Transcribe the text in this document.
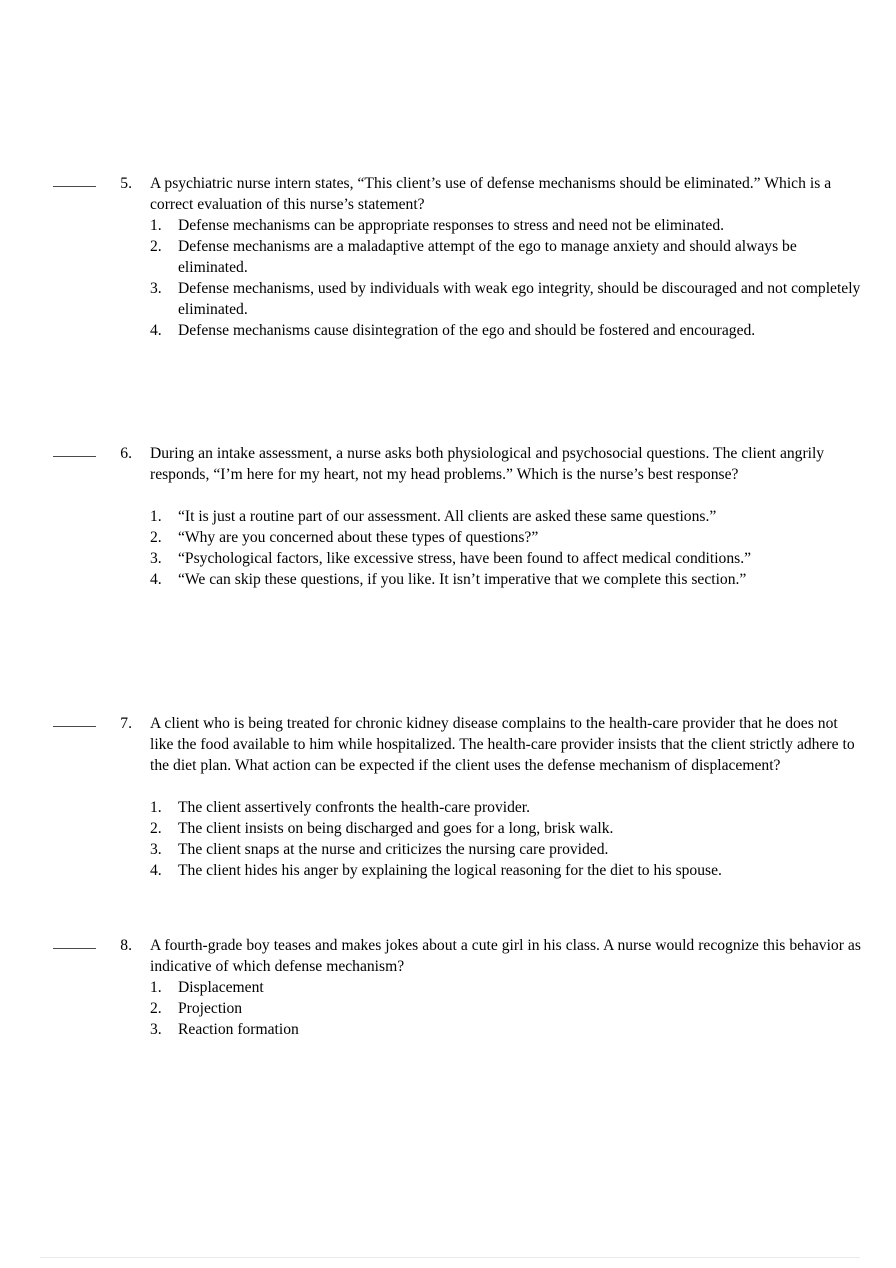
5. A psychiatric nurse intern states, “This client’s use of defense mechanisms should be eliminated.” Which is a correct evaluation of this nurse’s statement?

1.	Defense mechanisms can be appropriate responses to stress and need not be eliminated.
2.	Defense mechanisms are a maladaptive attempt of the ego to manage anxiety and should always be eliminated.
3.	Defense mechanisms, used by individuals with weak ego integrity, should be discouraged and not completely eliminated.
4.	Defense mechanisms cause disintegration of the ego and should be fostered and encouraged.
6. During an intake assessment, a nurse asks both physiological and psychosocial questions. The client angrily responds, “I’m here for my heart, not my head problems.” Which is the nurse’s best response?

1.	“It is just a routine part of our assessment. All clients are asked these same questions.”
2.	“Why are you concerned about these types of questions?”
3.	“Psychological factors, like excessive stress, have been found to affect medical conditions.”
4.	“We can skip these questions, if you like. It isn’t imperative that we complete this section.”
7. A client who is being treated for chronic kidney disease complains to the health-care provider that he does not like the food available to him while hospitalized. The health-care provider insists that the client strictly adhere to the diet plan. What action can be expected if the client uses the defense mechanism of displacement?

1.	The client assertively confronts the health-care provider.
2.	The client insists on being discharged and goes for a long, brisk walk.
3.	The client snaps at the nurse and criticizes the nursing care provided.
4.	The client hides his anger by explaining the logical reasoning for the diet to his spouse.
8. A fourth-grade boy teases and makes jokes about a cute girl in his class. A nurse would recognize this behavior as indicative of which defense mechanism?

1.	Displacement
2.	Projection
3.	Reaction formation
